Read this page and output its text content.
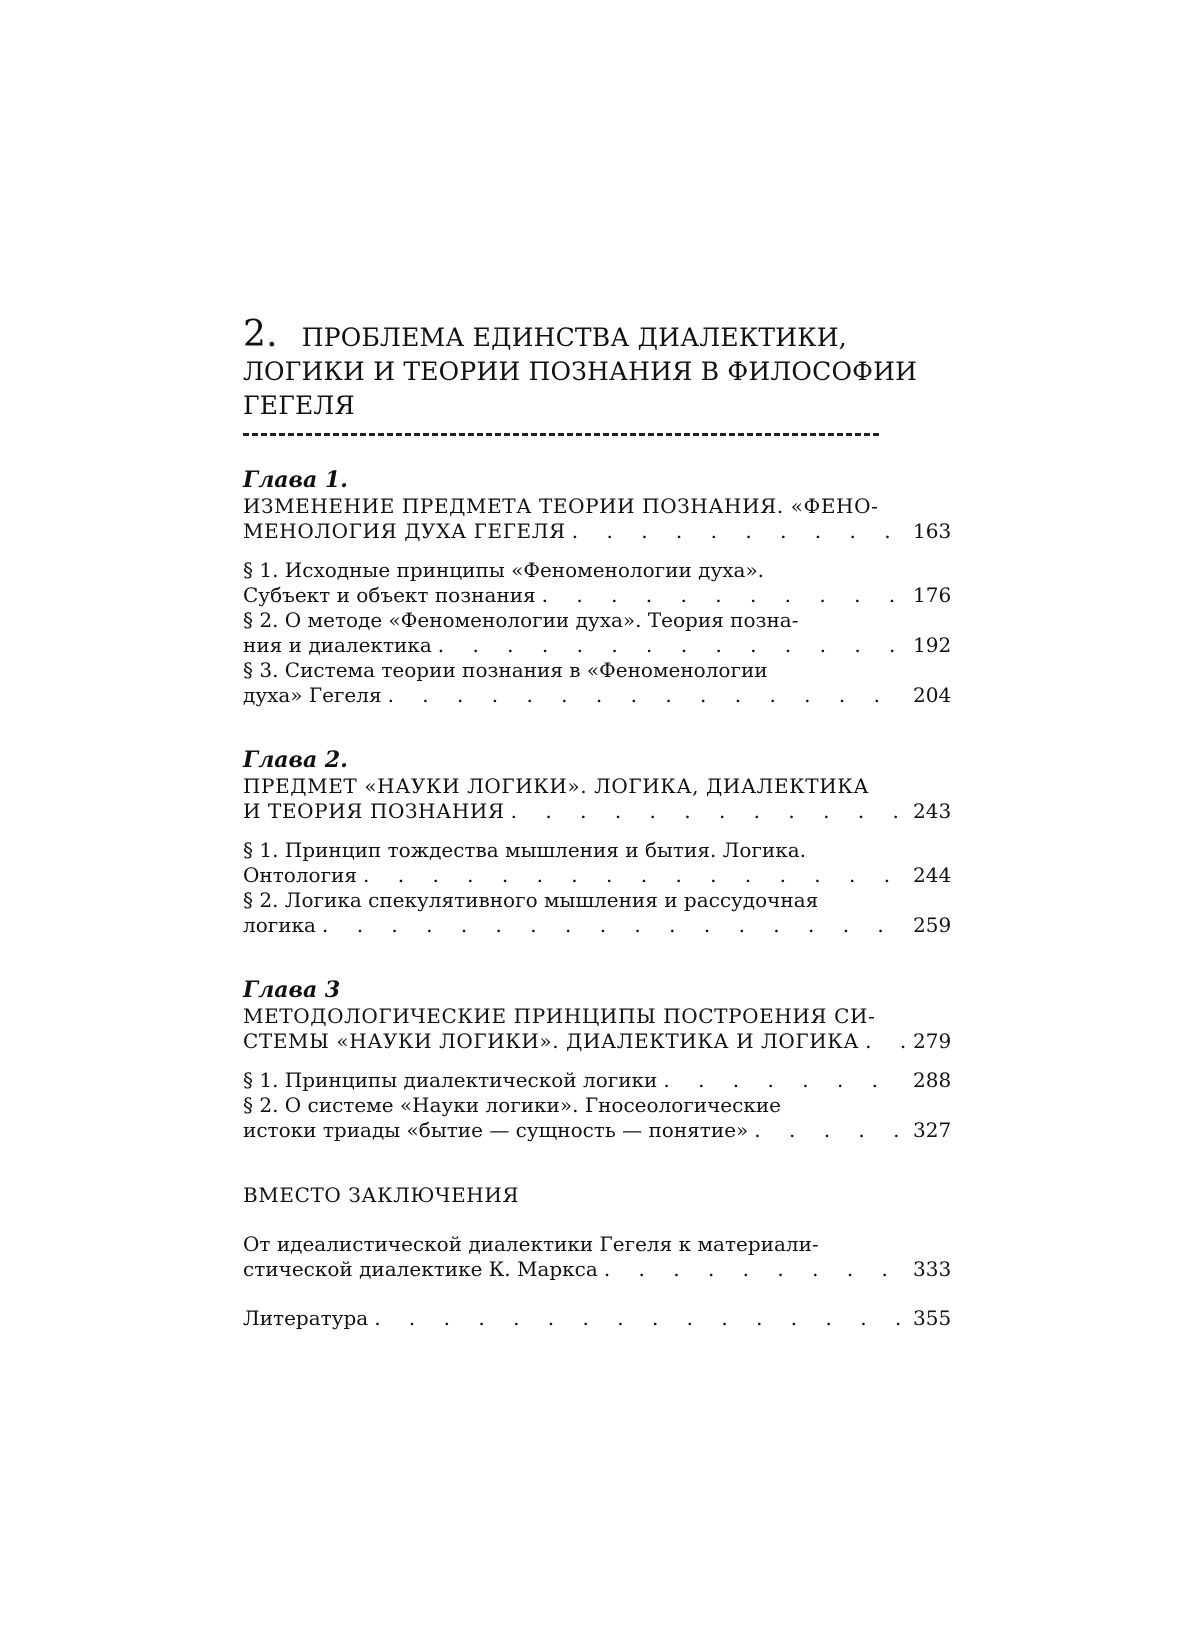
2. ПРОБЛЕМА ЕДИНСТВА ДИАЛЕКТИКИ,
ЛОГИКИ И ТЕОРИИ ПОЗНАНИЯ В ФИЛОСОФИИ
ГЕГЕЛЯ
Глава 1.
ИЗМЕНЕНИЕ ПРЕДМЕТА ТЕОРИИ ПОЗНАНИЯ. «ФЕНО-
МЕНОЛОГИЯ ДУХА ГЕГЕЛЯ . . .	163
§ 1. Исходные принципы «Феноменологии духа».
Субъект и объект познания . . .	176
§ 2. О методе «Феноменологии духа». Теория позна-
ния и диалектика . . .	192
§ 3. Система теории познания в «Феноменологии
духа» Гегеля . . .	204
Глава 2.
ПРЕДМЕТ «НАУКИ ЛОГИКИ». ЛОГИКА, ДИАЛЕКТИКА
И ТЕОРИЯ ПОЗНАНИЯ . . .	243
§ 1. Принцип тождества мышления и бытия. Логика.
Онтология . . .	244
§ 2. Логика спекулятивного мышления и рассудочная
логика . . .	259
Глава 3
МЕТОДОЛОГИЧЕСКИЕ ПРИНЦИПЫ ПОСТРОЕНИЯ СИ-
СТЕМЫ «НАУКИ ЛОГИКИ». ДИАЛЕКТИКА И ЛОГИКА . . .	279
§ 1. Принципы диалектической логики . . .	288
§ 2. О системе «Науки логики». Гносеологические
истоки триады «бытие — сущность — понятие» . . .	327
ВМЕСТО ЗАКЛЮЧЕНИЯ
От идеалистической диалектики Гегеля к материали-
стической диалектике К. Маркса . . .	333
Литература . . .	355
